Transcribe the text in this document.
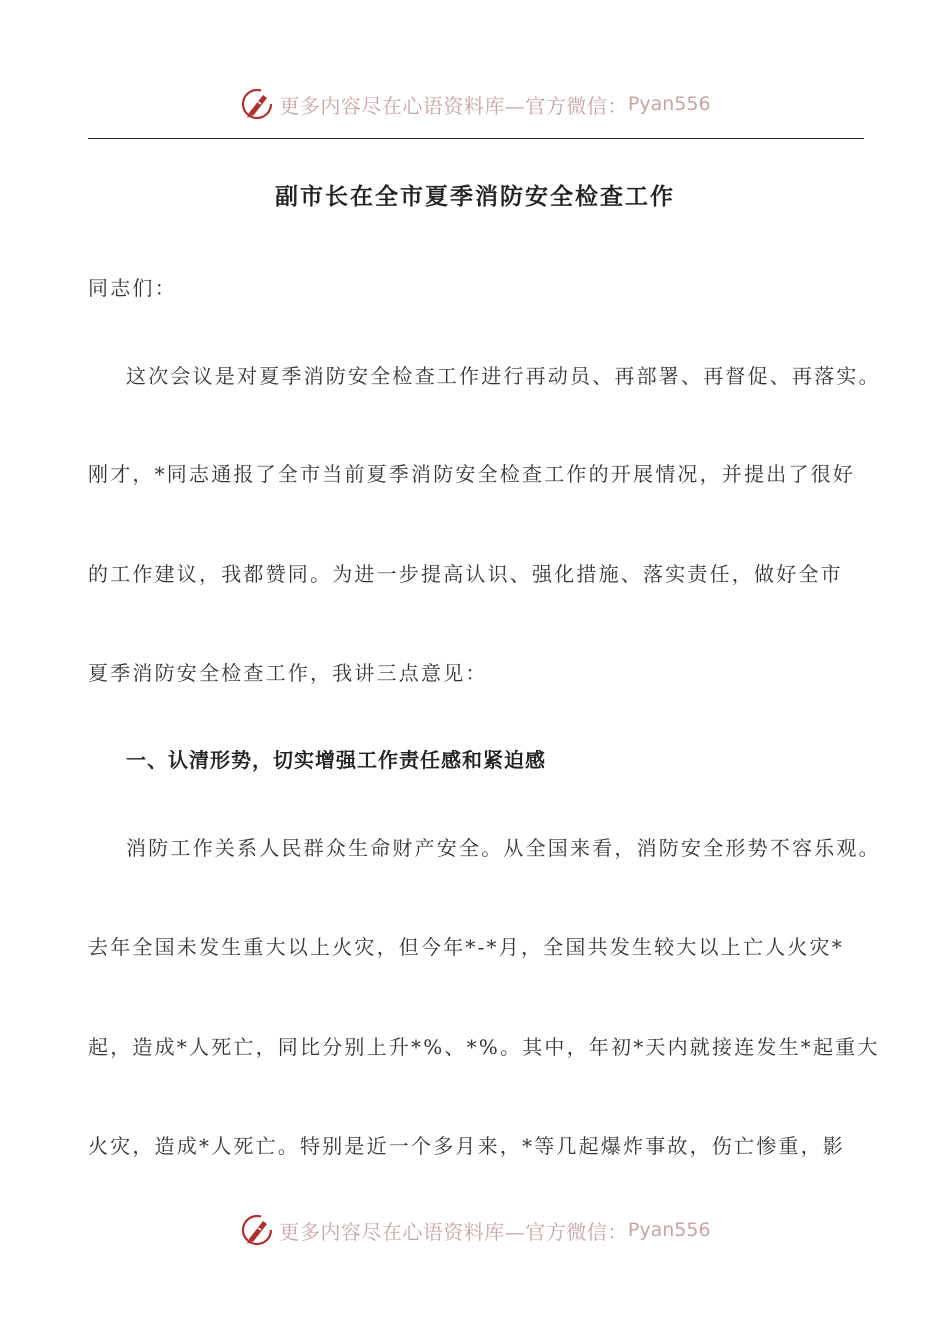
更多内容尽在心语资料库—官方微信： Pyan556
副市长在全市夏季消防安全检查工作
同志们：
这次会议是对夏季消防安全检查工作进行再动员、再部署、再督促、再落实。
刚才，*同志通报了全市当前夏季消防安全检查工作的开展情况，并提出了很好
的工作建议，我都赞同。为进一步提高认识、强化措施、落实责任，做好全市
夏季消防安全检查工作，我讲三点意见：
一、认清形势，切实增强工作责任感和紧迫感
消防工作关系人民群众生命财产安全。从全国来看，消防安全形势不容乐观。
去年全国未发生重大以上火灾，但今年*-*月，全国共发生较大以上亡人火灾*
起，造成*人死亡，同比分别上升*%、*%。其中，年初*天内就接连发生*起重大
火灾，造成*人死亡。特别是近一个多月来，*等几起爆炸事故，伤亡惨重，影
更多内容尽在心语资料库—官方微信： Pyan556
